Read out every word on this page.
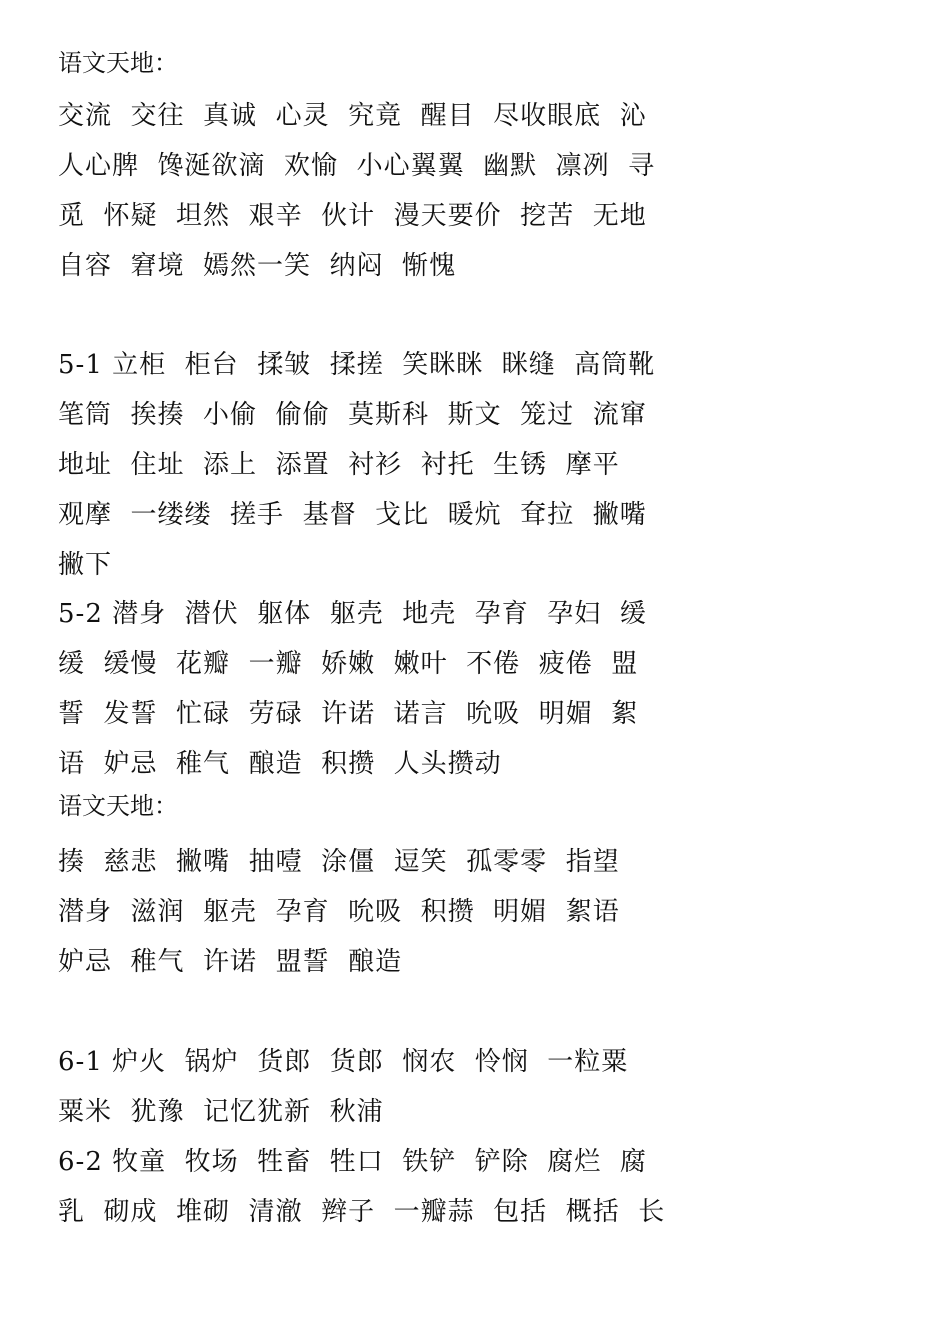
语文天地：
交流  交往  真诚  心灵  究竟  醒目  尽收眼底  沁
人心脾  馋涎欲滴  欢愉  小心翼翼  幽默  凛冽  寻
觅  怀疑  坦然  艰辛  伙计  漫天要价  挖苦  无地
自容  窘境  嫣然一笑  纳闷  惭愧
5-1 立柜  柜台  揉皱  揉搓  笑眯眯  眯缝  高筒靴
笔筒  挨揍  小偷  偷偷  莫斯科  斯文  笼过  流窜
地址  住址  添上  添置  衬衫  衬托  生锈  摩平
观摩  一缕缕  搓手  基督  戈比  暖炕  耷拉  撇嘴
撇下
5-2 潜身  潜伏  躯体  躯壳  地壳  孕育  孕妇  缓
缓  缓慢  花瓣  一瓣  娇嫩  嫩叶  不倦  疲倦  盟
誓  发誓  忙碌  劳碌  许诺  诺言  吮吸  明媚  絮
语  妒忌  稚气  酿造  积攒  人头攒动
语文天地：
揍  慈悲  撇嘴  抽噎  涂僵  逗笑  孤零零  指望
潜身  滋润  躯壳  孕育  吮吸  积攒  明媚  絮语
妒忌  稚气  许诺  盟誓  酿造
6-1 炉火  锅炉  货郎  货郎  悯农  怜悯  一粒粟
粟米  犹豫  记忆犹新  秋浦
6-2 牧童  牧场  牲畜  牲口  铁铲  铲除  腐烂  腐
乳  砌成  堆砌  清澈  辫子  一瓣蒜  包括  概括  长
